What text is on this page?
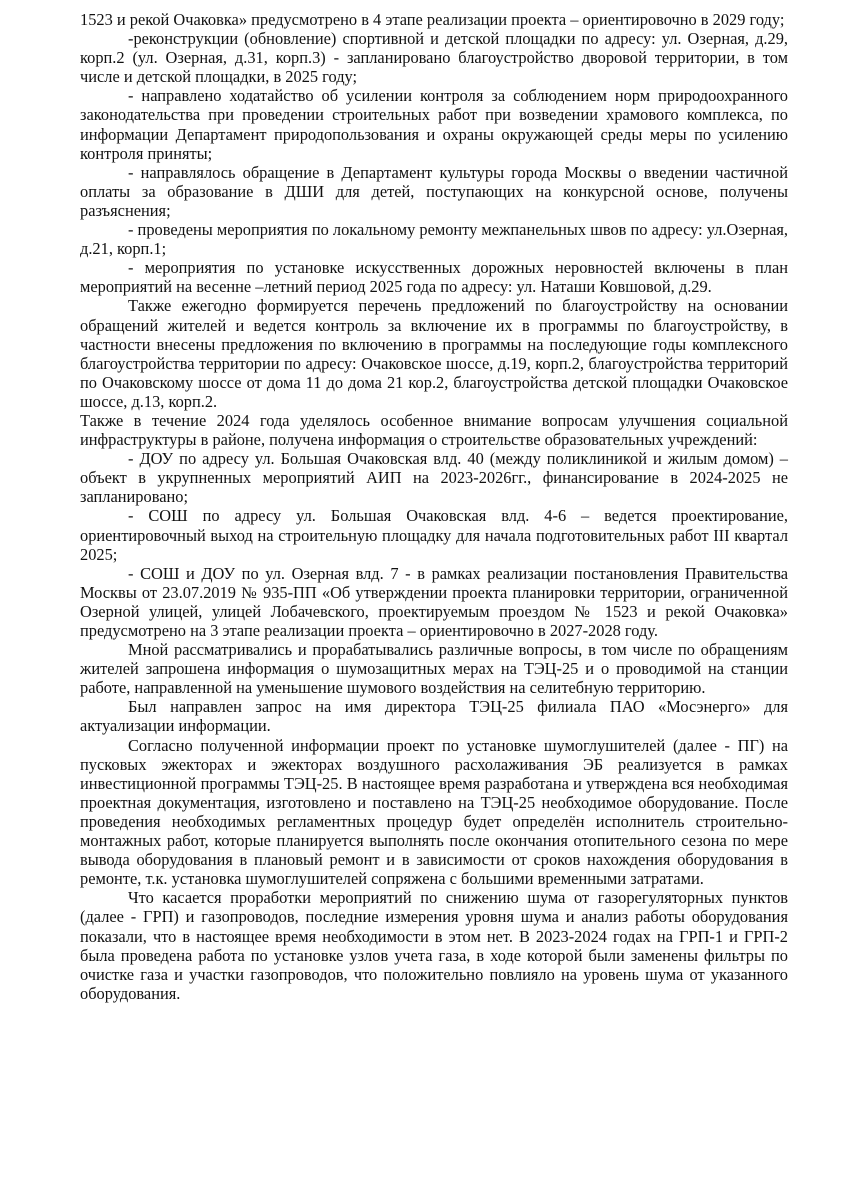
1523 и рекой Очаковка» предусмотрено в 4 этапе реализации проекта – ориентировочно в 2029 году;

-реконструкции (обновление) спортивной и детской площадки по адресу: ул. Озерная, д.29, корп.2 (ул. Озерная, д.31, корп.3) - запланировано благоустройство дворовой территории, в том числе и детской площадки, в 2025 году;

- направлено ходатайство об усилении контроля за соблюдением норм природоохранного законодательства при проведении строительных работ при возведении храмового комплекса, по информации Департамент природопользования и охраны окружающей среды меры по усилению контроля приняты;

- направлялось обращение в Департамент культуры города Москвы о введении частичной оплаты за образование в ДШИ для детей, поступающих на конкурсной основе, получены разъяснения;

- проведены мероприятия по локальному ремонту межпанельных швов по адресу: ул.Озерная, д.21, корп.1;

- мероприятия по установке искусственных дорожных неровностей включены в план мероприятий на весенне –летний период 2025 года по адресу: ул. Наташи Ковшовой, д.29.

Также ежегодно формируется перечень предложений по благоустройству на основании обращений жителей и ведется контроль за включение их в программы по благоустройству, в частности внесены предложения по включению в программы на последующие годы комплексного благоустройства территории по адресу: Очаковское шоссе, д.19, корп.2, благоустройства территорий по Очаковскому шоссе от дома 11 до дома 21 кор.2, благоустройства детской площадки Очаковское шоссе, д.13, корп.2.

Также в течение 2024 года уделялось особенное внимание вопросам улучшения социальной инфраструктуры в районе, получена информация о строительстве образовательных учреждений:

- ДОУ по адресу ул. Большая Очаковская влд. 40 (между поликлиникой и жилым домом) – объект в укрупненных мероприятий АИП на 2023-2026гг., финансирование в 2024-2025 не запланировано;

- СОШ по адресу ул. Большая Очаковская влд. 4-6 – ведется проектирование, ориентировочный выход на строительную площадку для начала подготовительных работ III квартал 2025;

- СОШ и ДОУ по ул. Озерная влд. 7 - в рамках реализации постановления Правительства Москвы от 23.07.2019 № 935-ПП «Об утверждении проекта планировки территории, ограниченной Озерной улицей, улицей Лобачевского, проектируемым проездом № 1523 и рекой Очаковка» предусмотрено на 3 этапе реализации проекта – ориентировочно в 2027-2028 году.

Мной рассматривались и прорабатывались различные вопросы, в том числе по обращениям жителей запрошена информация о шумозащитных мерах на ТЭЦ-25 и о проводимой на станции работе, направленной на уменьшение шумового воздействия на селитебную территорию.

Был направлен запрос на имя директора ТЭЦ-25 филиала ПАО «Мосэнерго» для актуализации информации.

Согласно полученной информации проект по установке шумоглушителей (далее - ПГ) на пусковых эжекторах и эжекторах воздушного расхолаживания ЭБ реализуется в рамках инвестиционной программы ТЭЦ-25. В настоящее время разработана и утверждена вся необходимая проектная документация, изготовлено и поставлено на ТЭЦ-25 необходимое оборудование. После проведения необходимых регламентных процедур будет определён исполнитель строительно-монтажных работ, которые планируется выполнять после окончания отопительного сезона по мере вывода оборудования в плановый ремонт и в зависимости от сроков нахождения оборудования в ремонте, т.к. установка шумоглушителей сопряжена с большими временными затратами.

Что касается проработки мероприятий по снижению шума от газорегуляторных пунктов (далее - ГРП) и газопроводов, последние измерения уровня шума и анализ работы оборудования показали, что в настоящее время необходимости в этом нет. В 2023-2024 годах на ГРП-1 и ГРП-2 была проведена работа по установке узлов учета газа, в ходе которой были заменены фильтры по очистке газа и участки газопроводов, что положительно повлияло на уровень шума от указанного оборудования.
